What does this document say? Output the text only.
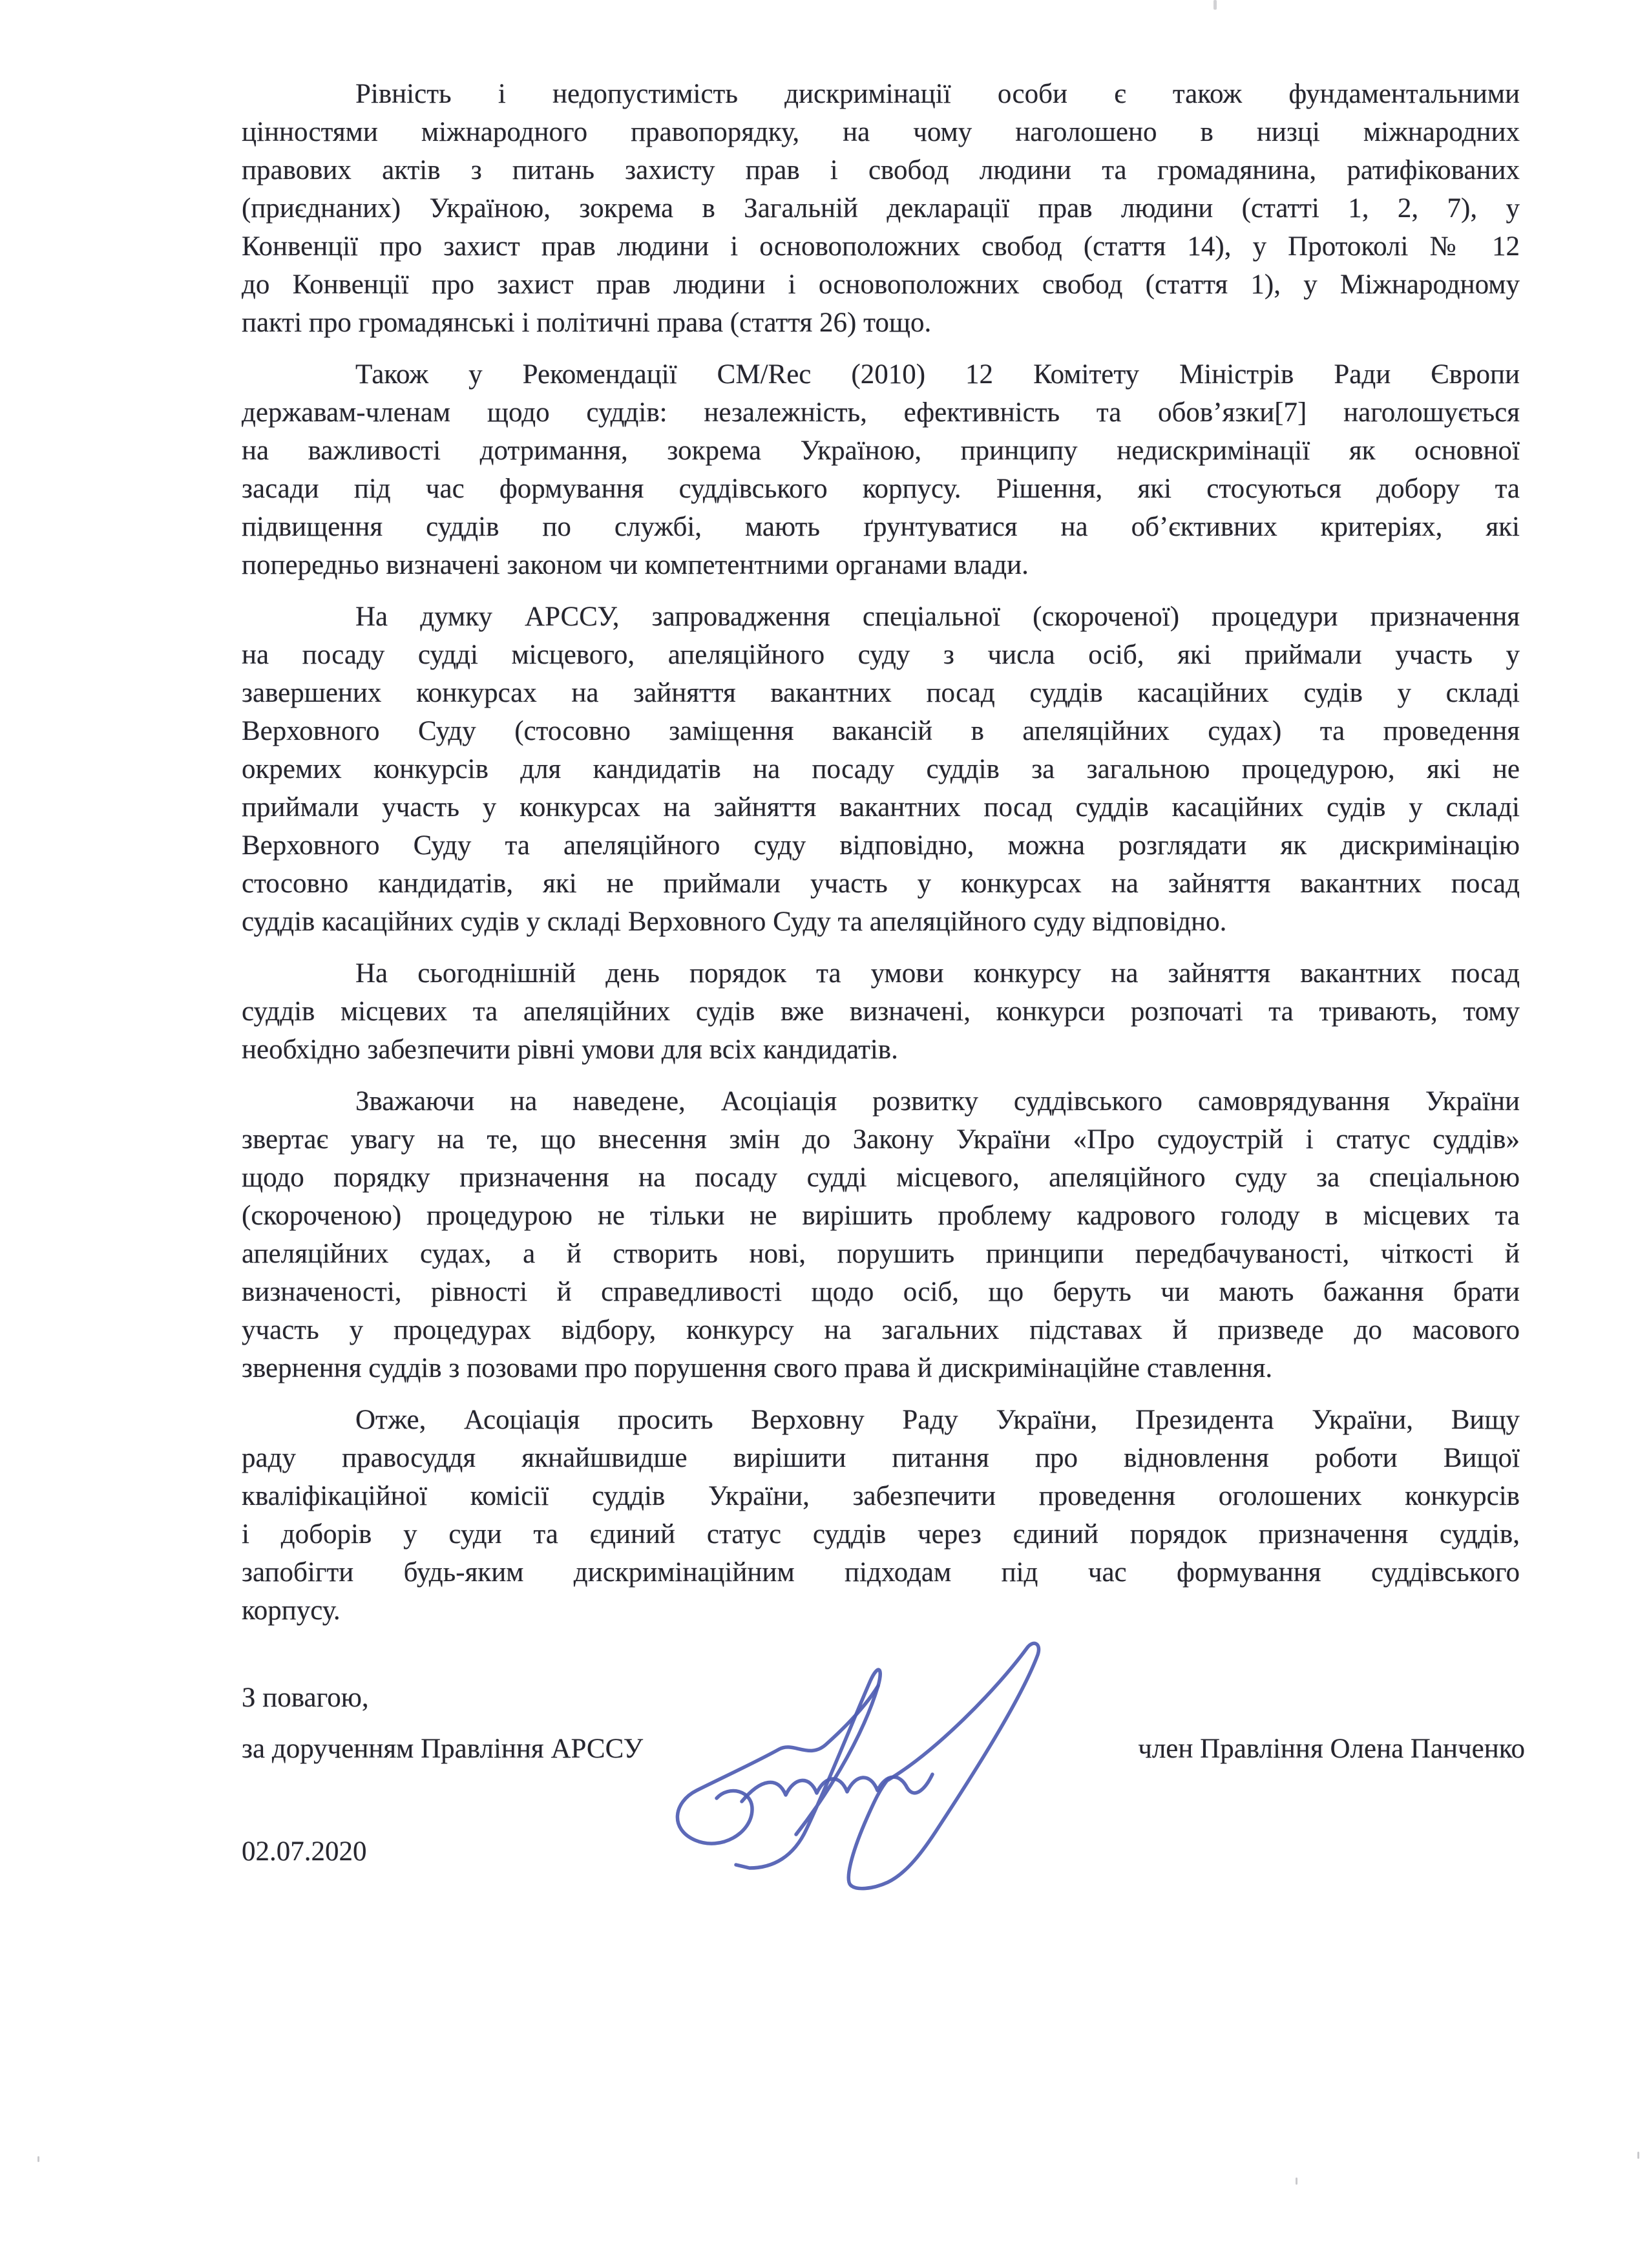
Рівність і недопустимість дискримінації особи є також фундаментальними
цінностями міжнародного правопорядку, на чому наголошено в низці міжнародних
правових актів з питань захисту прав і свобод людини та громадянина, ратифікованих
(приєднаних) Україною, зокрема в Загальній декларації прав людини (статті 1, 2, 7), у
Конвенції про захист прав людини і основоположних свобод (стаття 14), у Протоколі № 12
до Конвенції про захист прав людини і основоположних свобод (стаття 1), у Міжнародному
пакті про громадянські і політичні права (стаття 26) тощо.
Також у Рекомендації CM/Rec (2010) 12 Комітету Міністрів Ради Європи
державам-членам щодо суддів: незалежність, ефективність та обов’язки[7] наголошується
на важливості дотримання, зокрема Україною, принципу недискримінації як основної
засади під час формування суддівського корпусу. Рішення, які стосуються добору та
підвищення суддів по службі, мають ґрунтуватися на об’єктивних критеріях, які
попередньо визначені законом чи компетентними органами влади.
На думку АРССУ, запровадження спеціальної (скороченої) процедури призначення
на посаду судді місцевого, апеляційного суду з числа осіб, які приймали участь у
завершених конкурсах на зайняття вакантних посад суддів касаційних судів у складі
Верховного Суду (стосовно заміщення вакансій в апеляційних судах) та проведення
окремих конкурсів для кандидатів на посаду суддів за загальною процедурою, які не
приймали участь у конкурсах на зайняття вакантних посад суддів касаційних судів у складі
Верховного Суду та апеляційного суду відповідно, можна розглядати як дискримінацію
стосовно кандидатів, які не приймали участь у конкурсах на зайняття вакантних посад
суддів касаційних судів у складі Верховного Суду та апеляційного суду відповідно.
На сьогоднішній день порядок та умови конкурсу на зайняття вакантних посад
суддів місцевих та апеляційних судів вже визначені, конкурси розпочаті та тривають, тому
необхідно забезпечити рівні умови для всіх кандидатів.
Зважаючи на наведене, Асоціація розвитку суддівського самоврядування України
звертає увагу на те, що внесення змін до Закону України «Про судоустрій і статус суддів»
щодо порядку призначення на посаду судді місцевого, апеляційного суду за спеціальною
(скороченою) процедурою не тільки не вирішить проблему кадрового голоду в місцевих та
апеляційних судах, а й створить нові, порушить принципи передбачуваності, чіткості й
визначеності, рівності й справедливості щодо осіб, що беруть чи мають бажання брати
участь у процедурах відбору, конкурсу на загальних підставах й призведе до масового
звернення суддів з позовами про порушення свого права й дискримінаційне ставлення.
Отже, Асоціація просить Верховну Раду України, Президента України, Вищу
раду правосуддя якнайшвидше вирішити питання про відновлення роботи Вищої
кваліфікаційної комісії суддів України, забезпечити проведення оголошених конкурсів
і доборів у суди та єдиний статус суддів через єдиний порядок призначення суддів,
запобігти будь-яким дискримінаційним підходам під час формування суддівського
корпусу.
З повагою,
за дорученням Правління АРССУ	член Правління Олена Панченко
02.07.2020
